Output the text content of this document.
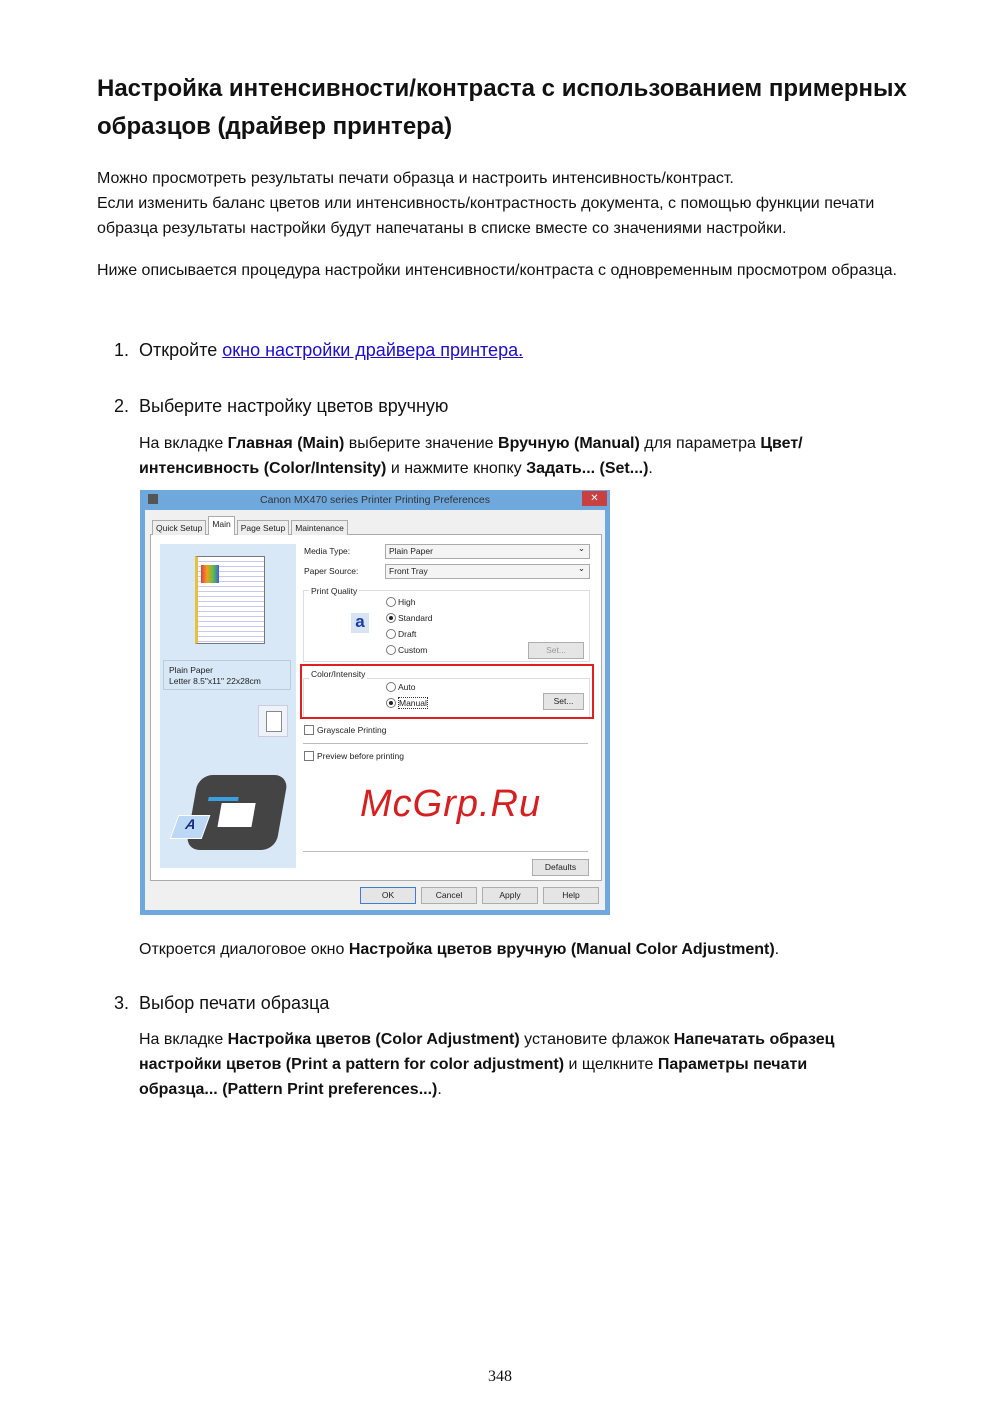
Настройка интенсивности/контраста с использованием примерных образцов (драйвер принтера)

Можно просмотреть результаты печати образца и настроить интенсивность/контраст.
Если изменить баланс цветов или интенсивность/контрастность документа, с помощью функции печати образца результаты настройки будут напечатаны в списке вместе со значениями настройки.

Ниже описывается процедура настройки интенсивности/контраста с одновременным просмотром образца.

1. Откройте окно настройки драйвера принтера.
2. Выберите настройку цветов вручную

На вкладке Главная (Main) выберите значение Вручную (Manual) для параметра Цвет/интенсивность (Color/Intensity) и нажмите кнопку Задать... (Set...).

Canon MX470 series Printer Printing Preferences	✕
Quick Setup	Main	Page Setup	Maintenance
Plain Paper
Letter 8.5"x11" 22x28cm
A
Media Type:	Plain Paper ⌄
Paper Source:	Front Tray ⌄
Print Quality
a
High
Standard
Draft
Custom	Set...
Color/Intensity
Auto
Manual	Set...
Grayscale Printing
Preview before printing
McGrp.Ru
Defaults
OK	Cancel	Apply	Help

Откроется диалоговое окно Настройка цветов вручную (Manual Color Adjustment).

3. Выбор печати образца

На вкладке Настройка цветов (Color Adjustment) установите флажок Напечатать образец настройки цветов (Print a pattern for color adjustment) и щелкните Параметры печати образца... (Pattern Print preferences...).

348
